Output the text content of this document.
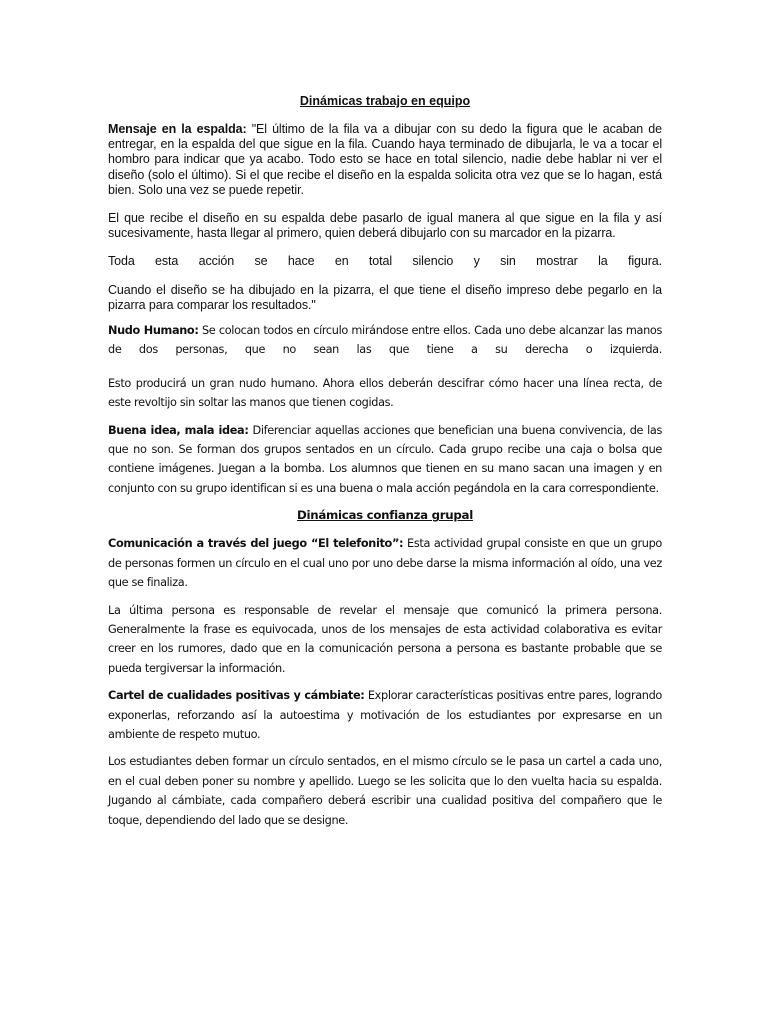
Dinámicas trabajo en equipo

Mensaje en la espalda: "El último de la fila va a dibujar con su dedo la figura que le acaban de entregar, en la espalda del que sigue en la fila. Cuando haya terminado de dibujarla, le va a tocar el hombro para indicar que ya acabo. Todo esto se hace en total silencio, nadie debe hablar ni ver el diseño (solo el último). Si el que recibe el diseño en la espalda solicita otra vez que se lo hagan, está bien. Solo una vez se puede repetir.

El que recibe el diseño en su espalda debe pasarlo de igual manera al que sigue en la fila y así sucesivamente, hasta llegar al primero, quien deberá dibujarlo con su marcador en la pizarra.

Toda esta acción se hace en total silencio y sin mostrar la figura.

Cuando el diseño se ha dibujado en la pizarra, el que tiene el diseño impreso debe pegarlo en la pizarra para comparar los resultados."

Nudo Humano: Se colocan todos en círculo mirándose entre ellos. Cada uno debe alcanzar las manos de dos personas, que no sean las que tiene a su derecha o izquierda.

Esto producirá un gran nudo humano. Ahora ellos deberán descifrar cómo hacer una línea recta, de este revoltijo sin soltar las manos que tienen cogidas.

Buena idea, mala idea: Diferenciar aquellas acciones que benefician una buena convivencia, de las que no son. Se forman dos grupos sentados en un círculo. Cada grupo recibe una caja o bolsa que contiene imágenes. Juegan a la bomba. Los alumnos que tienen en su mano sacan una imagen y en conjunto con su grupo identifican si es una buena o mala acción pegándola en la cara correspondiente.

Dinámicas confianza grupal

Comunicación a través del juego “El telefonito”: Esta actividad grupal consiste en que un grupo de personas formen un círculo en el cual uno por uno debe darse la misma información al oído, una vez que se finaliza.

La última persona es responsable de revelar el mensaje que comunicó la primera persona. Generalmente la frase es equivocada, unos de los mensajes de esta actividad colaborativa es evitar creer en los rumores, dado que en la comunicación persona a persona es bastante probable que se pueda tergiversar la información.

Cartel de cualidades positivas y cámbiate: Explorar características positivas entre pares, logrando exponerlas, reforzando así la autoestima y motivación de los estudiantes por expresarse en un ambiente de respeto mutuo.

Los estudiantes deben formar un círculo sentados, en el mismo círculo se le pasa un cartel a cada uno, en el cual deben poner su nombre y apellido. Luego se les solicita que lo den vuelta hacia su espalda. Jugando al cámbiate, cada compañero deberá escribir una cualidad positiva del compañero que le toque, dependiendo del lado que se designe.
